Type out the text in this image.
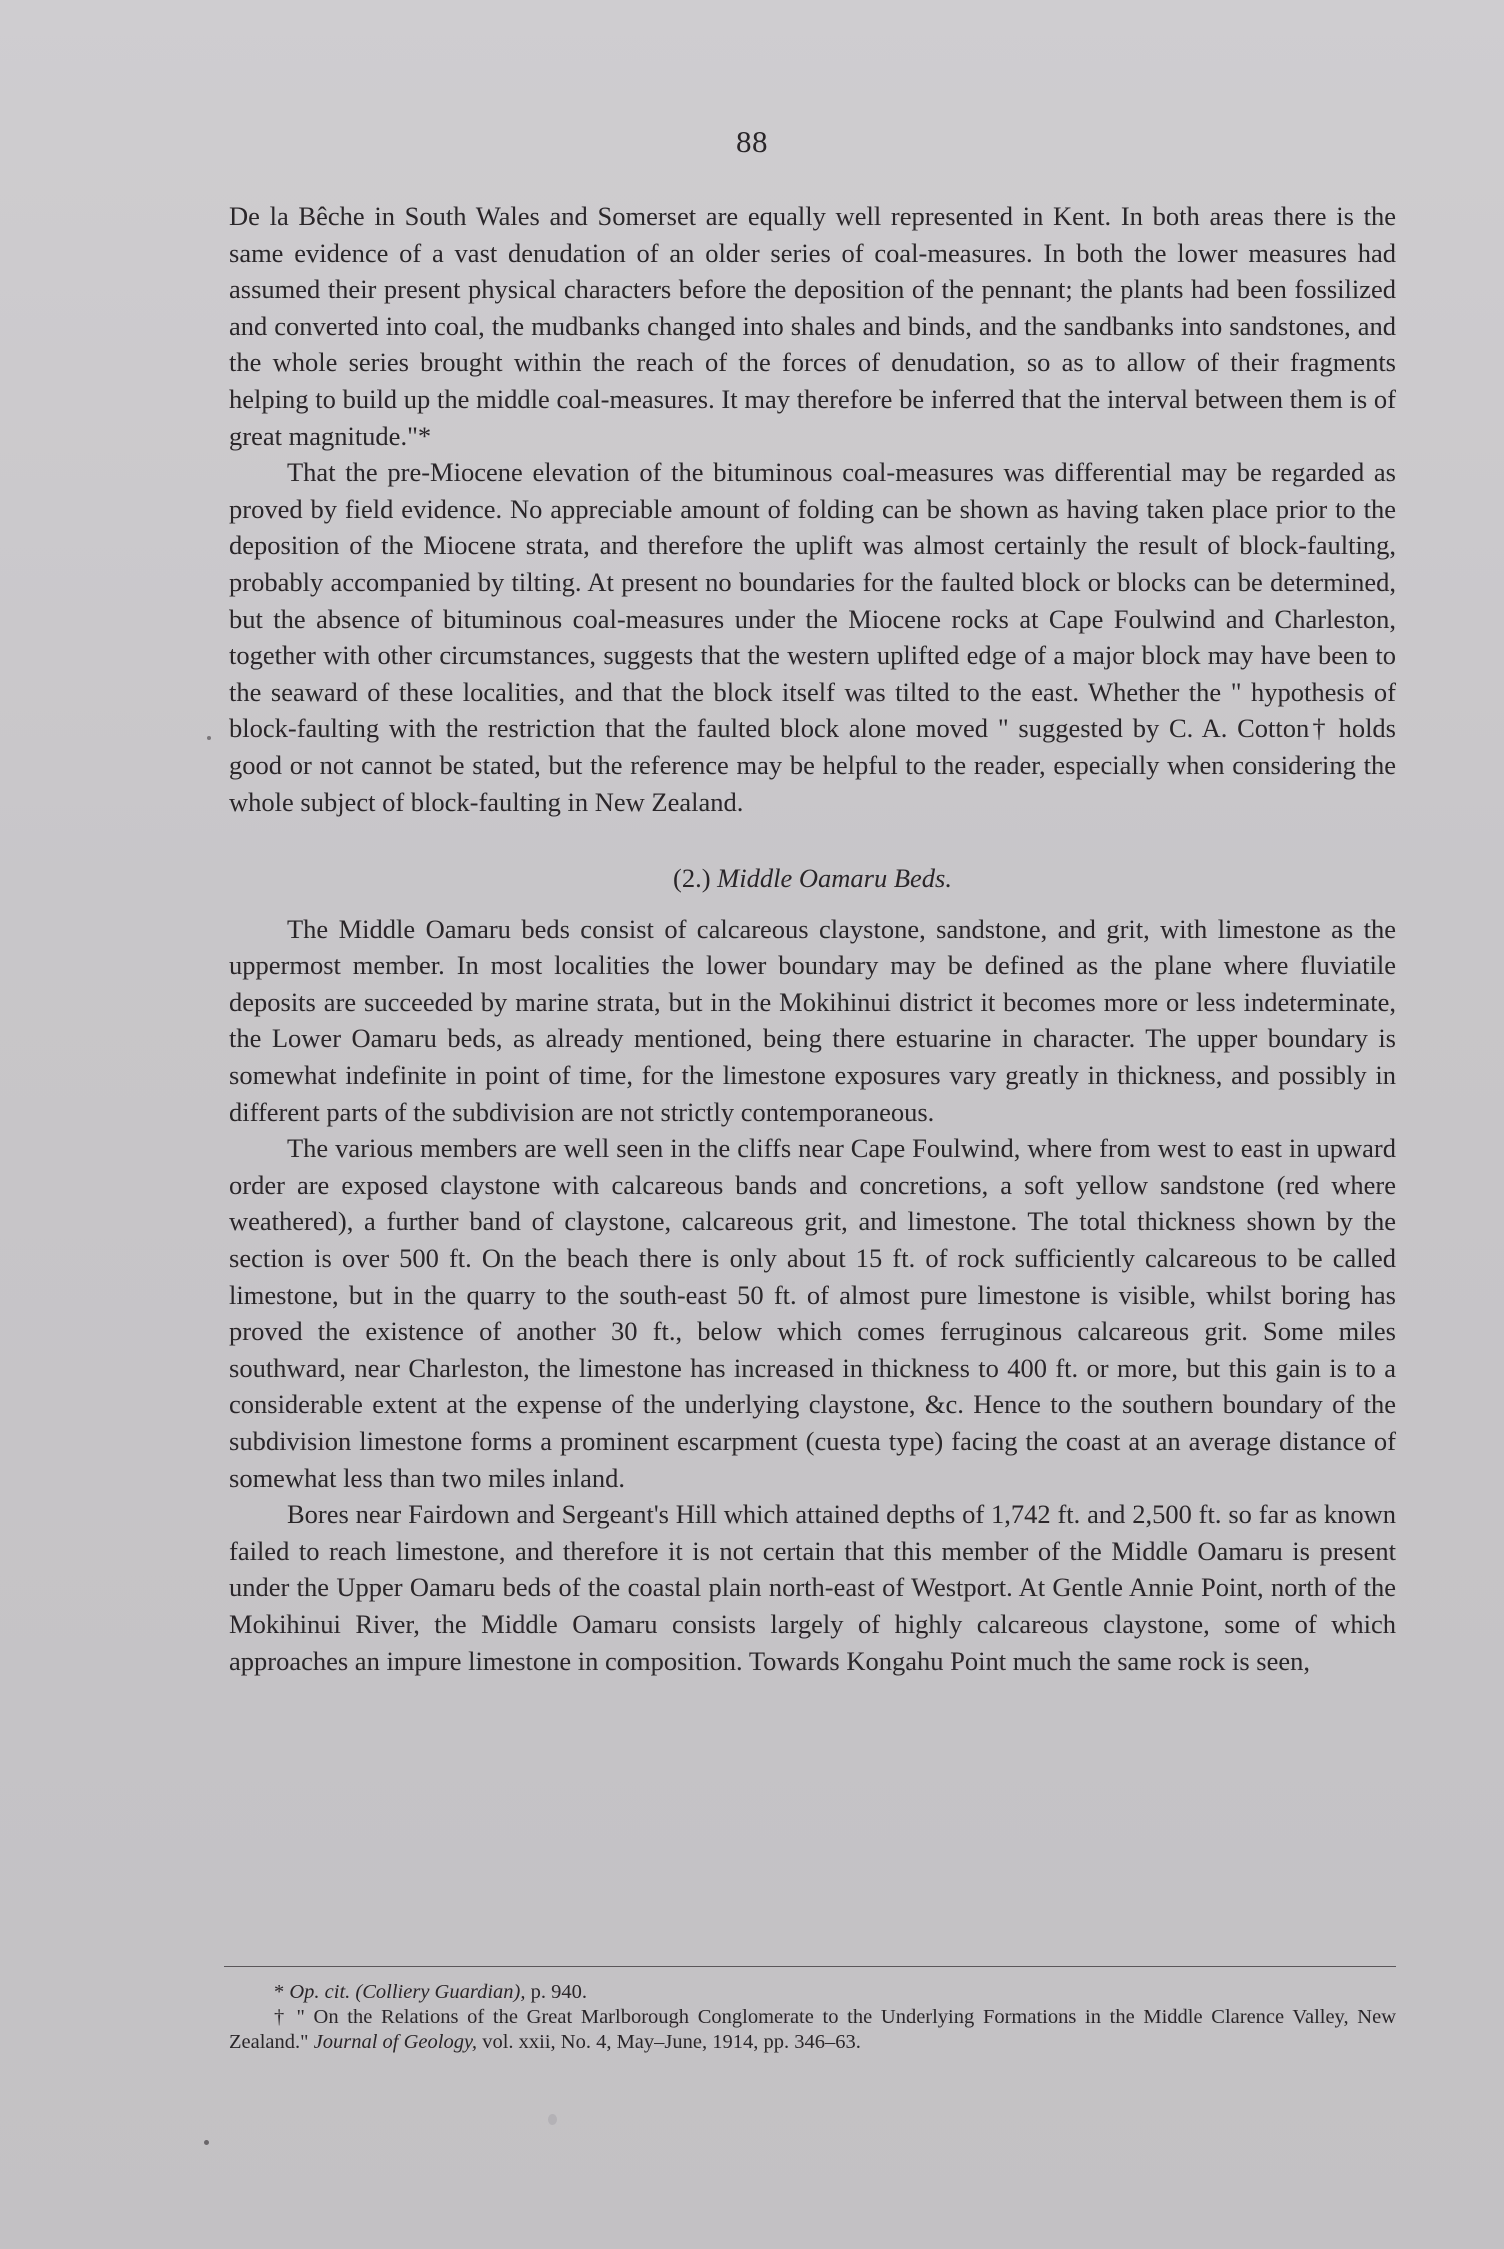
88

De la Bêche in South Wales and Somerset are equally well represented in Kent. In both areas there is the same evidence of a vast denudation of an older series of coal-measures. In both the lower measures had assumed their present physical characters before the deposition of the pennant; the plants had been fossilized and converted into coal, the mudbanks changed into shales and binds, and the sandbanks into sandstones, and the whole series brought within the reach of the forces of denudation, so as to allow of their fragments helping to build up the middle coal-measures. It may therefore be inferred that the interval between them is of great magnitude."*

That the pre-Miocene elevation of the bituminous coal-measures was differential may be regarded as proved by field evidence. No appreciable amount of folding can be shown as having taken place prior to the deposition of the Miocene strata, and therefore the uplift was almost certainly the result of block-faulting, probably accompanied by tilting. At present no boundaries for the faulted block or blocks can be determined, but the absence of bituminous coal-measures under the Miocene rocks at Cape Foulwind and Charleston, together with other circumstances, suggests that the western uplifted edge of a major block may have been to the seaward of these localities, and that the block itself was tilted to the east. Whether the " hypothesis of block-faulting with the restriction that the faulted block alone moved " suggested by C. A. Cotton† holds good or not cannot be stated, but the reference may be helpful to the reader, especially when considering the whole subject of block-faulting in New Zealand.

(2.) Middle Oamaru Beds.

The Middle Oamaru beds consist of calcareous claystone, sandstone, and grit, with limestone as the uppermost member. In most localities the lower boundary may be defined as the plane where fluviatile deposits are succeeded by marine strata, but in the Mokihinui district it becomes more or less indeterminate, the Lower Oamaru beds, as already mentioned, being there estuarine in character. The upper boundary is somewhat indefinite in point of time, for the limestone exposures vary greatly in thickness, and possibly in different parts of the subdivision are not strictly contemporaneous.

The various members are well seen in the cliffs near Cape Foulwind, where from west to east in upward order are exposed claystone with calcareous bands and concretions, a soft yellow sandstone (red where weathered), a further band of claystone, calcareous grit, and limestone. The total thickness shown by the section is over 500 ft. On the beach there is only about 15 ft. of rock sufficiently calcareous to be called limestone, but in the quarry to the south-east 50 ft. of almost pure limestone is visible, whilst boring has proved the existence of another 30 ft., below which comes ferruginous calcareous grit. Some miles southward, near Charleston, the limestone has increased in thickness to 400 ft. or more, but this gain is to a considerable extent at the expense of the underlying claystone, &c. Hence to the southern boundary of the subdivision limestone forms a prominent escarpment (cuesta type) facing the coast at an average distance of somewhat less than two miles inland.

Bores near Fairdown and Sergeant's Hill which attained depths of 1,742 ft. and 2,500 ft. so far as known failed to reach limestone, and therefore it is not certain that this member of the Middle Oamaru is present under the Upper Oamaru beds of the coastal plain north-east of Westport. At Gentle Annie Point, north of the Mokihinui River, the Middle Oamaru consists largely of highly calcareous claystone, some of which approaches an impure limestone in composition. Towards Kongahu Point much the same rock is seen,

* Op. cit. (Colliery Guardian), p. 940.

† " On the Relations of the Great Marlborough Conglomerate to the Underlying Formations in the Middle Clarence Valley, New Zealand." Journal of Geology, vol. xxii, No. 4, May–June, 1914, pp. 346–63.
